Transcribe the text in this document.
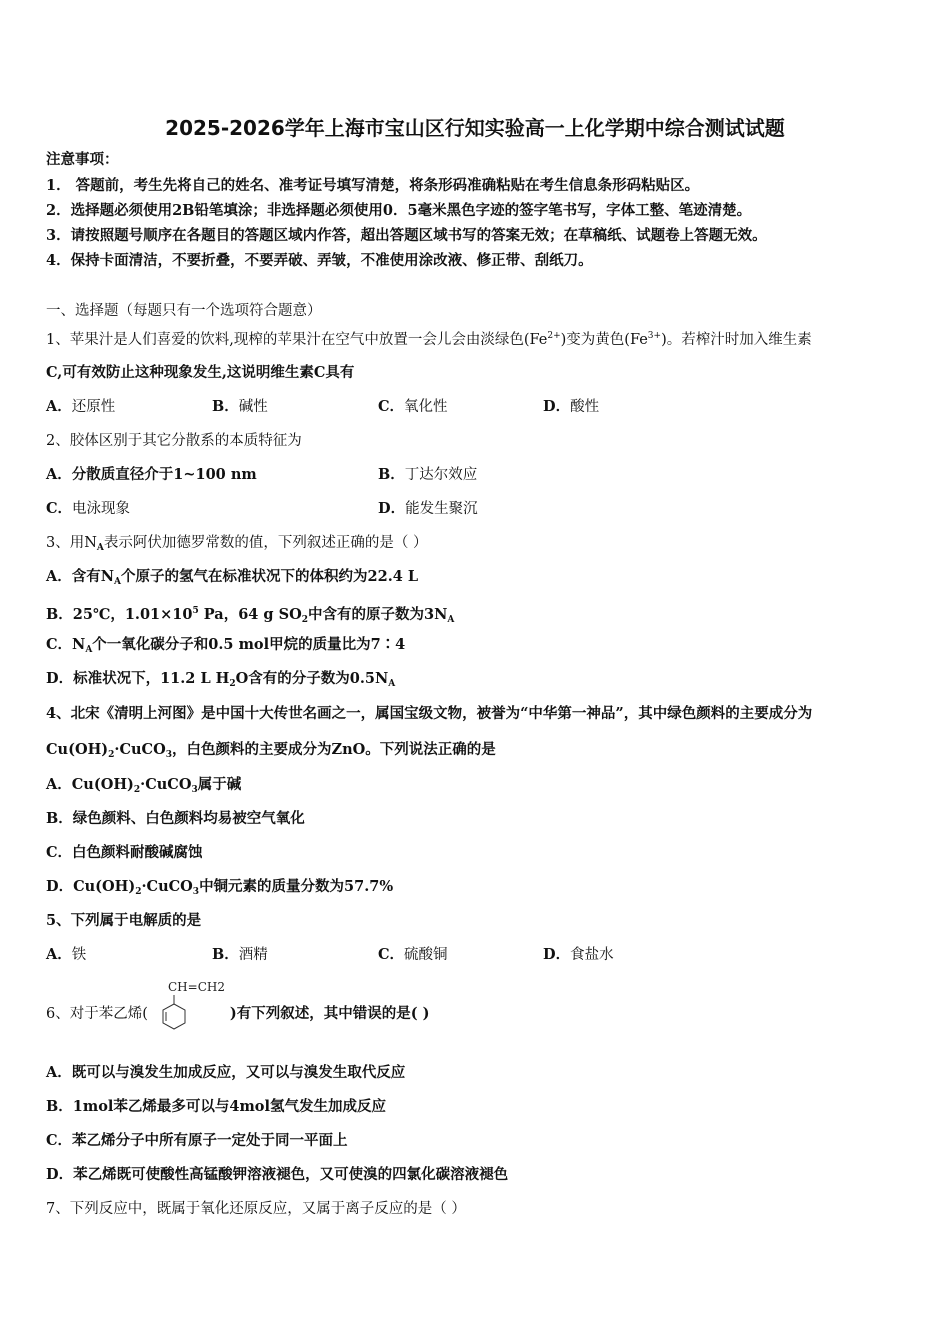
2025-2026学年上海市宝山区行知实验高一上化学期中综合测试试题
注意事项：
1． 答题前，考生先将自己的姓名、准考证号填写清楚，将条形码准确粘贴在考生信息条形码粘贴区。
2．选择题必须使用2B铅笔填涂；非选择题必须使用0．5毫米黑色字迹的签字笔书写，字体工整、笔迹清楚。
3．请按照题号顺序在各题目的答题区域内作答，超出答题区域书写的答案无效；在草稿纸、试题卷上答题无效。
4．保持卡面清洁，不要折叠，不要弄破、弄皱，不准使用涂改液、修正带、刮纸刀。
一、选择题（每题只有一个选项符合题意）
1、苹果汁是人们喜爱的饮料,现榨的苹果汁在空气中放置一会儿会由淡绿色$(Fe^{2+})$变为黄色$(Fe^{3+})$。若榨汁时加入维生素
C,可有效防止这种现象发生,这说明维生素C具有
A．还原性	B．碱性	C．氧化性	D．酸性
2、胶体区别于其它分散系的本质特征为
A．分散质直径介于1~100 nm	B．丁达尔效应
C．电泳现象	D．能发生聚沉
3、用$N_A$表示阿伏加德罗常数的值，下列叙述正确的是（ ）
A．含有$N_A$个原子的氢气在标准状况下的体积约为22.4 L
B．25℃，$1.01\times 10^5$ Pa，64 g $SO_2$中含有的原子数为$3N_A$
C．$N_A$个一氧化碳分子和0.5 mol甲烷的质量比为7∶4
D．标准状况下，11.2 L $H_2O$含有的分子数为$0.5N_A$
4、北宋《清明上河图》是中国十大传世名画之一，属国宝级文物，被誉为“中华第一神品”，其中绿色颜料的主要成分为
$Cu(OH)_2\cdot CuCO_3$，白色颜料的主要成分为ZnO。下列说法正确的是
A．$Cu(OH)_2\cdot CuCO_3$属于碱
B．绿色颜料、白色颜料均易被空气氧化
C．白色颜料耐酸碱腐蚀
D．$Cu(OH)_2\cdot CuCO_3$中铜元素的质量分数为57.7%
5、下列属于电解质的是
A．铁	B．酒精	C．硫酸铜	D．食盐水
6、对于苯乙烯(	)有下列叙述，其中错误的是( )
CH=CH2
A．既可以与溴发生加成反应，又可以与溴发生取代反应
B．1mol苯乙烯最多可以与4mol氢气发生加成反应
C．苯乙烯分子中所有原子一定处于同一平面上
D．苯乙烯既可使酸性高锰酸钾溶液褪色，又可使溴的四氯化碳溶液褪色
7、下列反应中，既属于氧化还原反应，又属于离子反应的是（ ）
